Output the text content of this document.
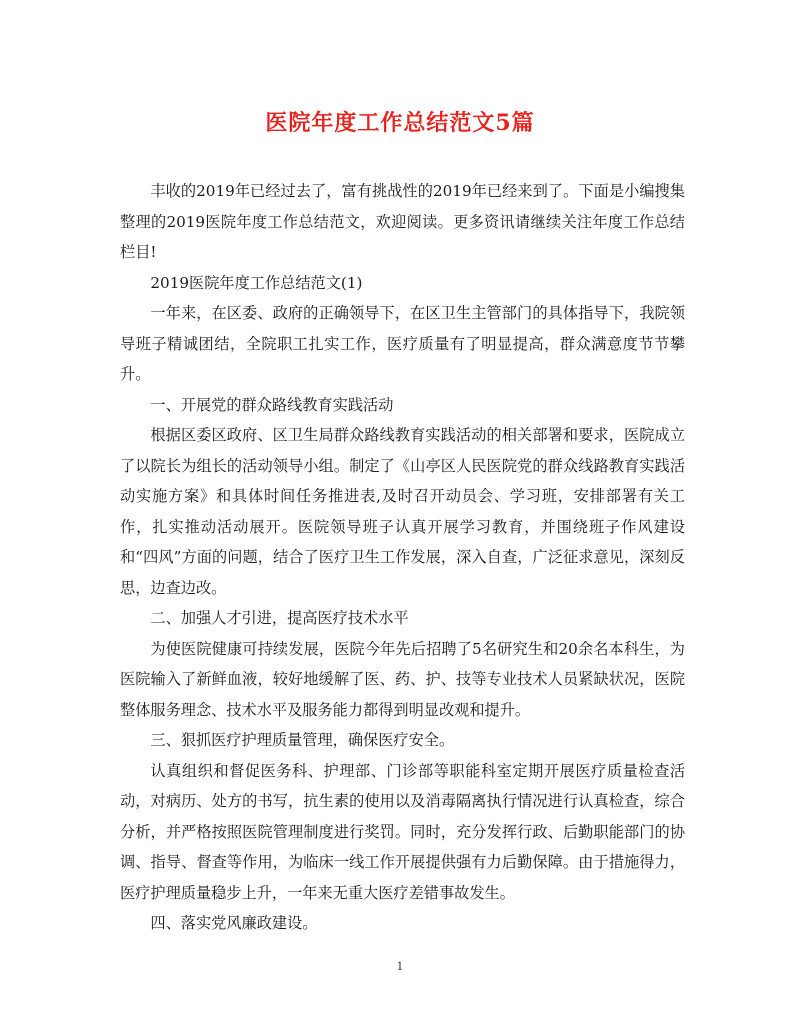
医院年度工作总结范文5篇

丰收的2019年已经过去了，富有挑战性的2019年已经来到了。下面是小编搜集整理的2019医院年度工作总结范文，欢迎阅读。更多资讯请继续关注年度工作总结栏目!

2019医院年度工作总结范文(1)

一年来，在区委、政府的正确领导下，在区卫生主管部门的具体指导下，我院领导班子精诚团结，全院职工扎实工作，医疗质量有了明显提高，群众满意度节节攀升。

一、开展党的群众路线教育实践活动

根据区委区政府、区卫生局群众路线教育实践活动的相关部署和要求，医院成立了以院长为组长的活动领导小组。制定了《山亭区人民医院党的群众线路教育实践活动实施方案》和具体时间任务推进表,及时召开动员会、学习班，安排部署有关工作，扎实推动活动展开。医院领导班子认真开展学习教育，并围绕班子作风建设和“四风”方面的问题，结合了医疗卫生工作发展，深入自查，广泛征求意见，深刻反思，边查边改。

二、加强人才引进，提高医疗技术水平

为使医院健康可持续发展，医院今年先后招聘了5名研究生和20余名本科生，为医院输入了新鲜血液，较好地缓解了医、药、护、技等专业技术人员紧缺状况，医院整体服务理念、技术水平及服务能力都得到明显改观和提升。

三、狠抓医疗护理质量管理，确保医疗安全。

认真组织和督促医务科、护理部、门诊部等职能科室定期开展医疗质量检查活动，对病历、处方的书写，抗生素的使用以及消毒隔离执行情况进行认真检查，综合分析，并严格按照医院管理制度进行奖罚。同时，充分发挥行政、后勤职能部门的协调、指导、督查等作用，为临床一线工作开展提供强有力后勤保障。由于措施得力，医疗护理质量稳步上升，一年来无重大医疗差错事故发生。

四、落实党风廉政建设。

1
